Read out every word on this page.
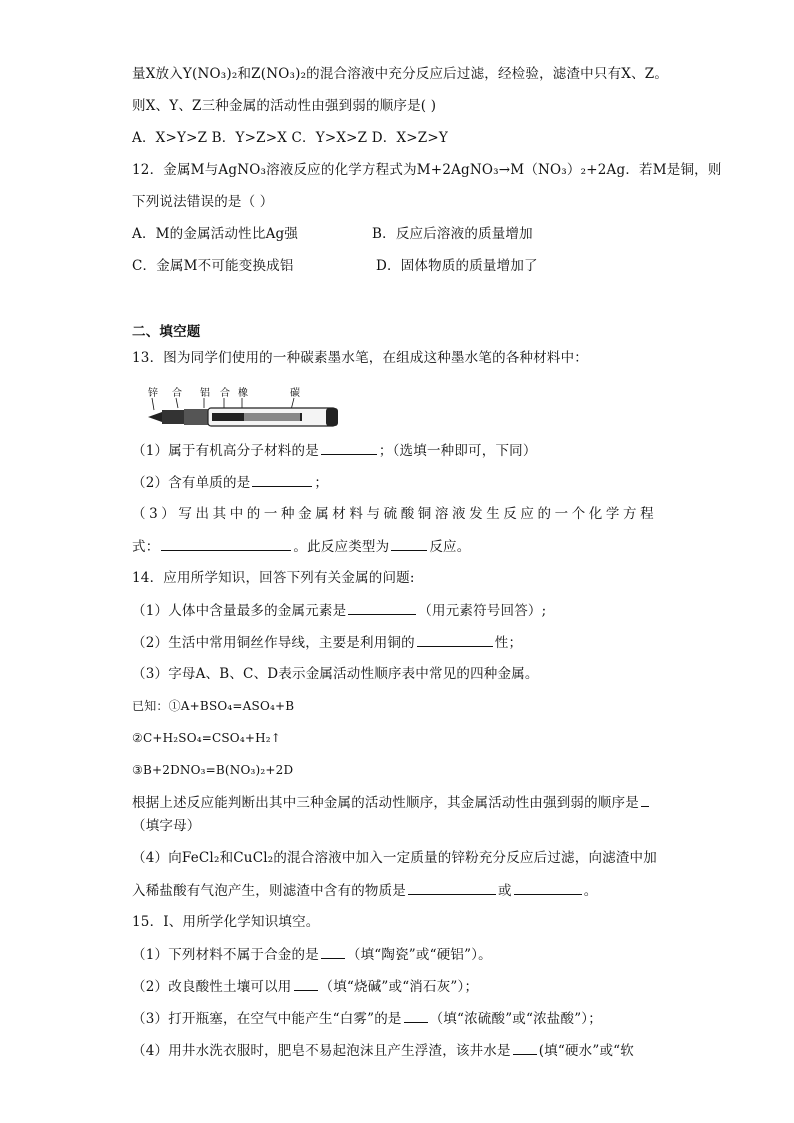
量X放入Y(NO₃)₂和Z(NO₃)₂的混合溶液中充分反应后过滤，经检验，滤渣中只有X、Z。
则X、Y、Z三种金属的活动性由强到弱的顺序是( )
A．X>Y>Z B．Y>Z>X C．Y>X>Z D．X>Z>Y
12．金属M与AgNO₃溶液反应的化学方程式为M+2AgNO₃→M（NO₃）₂+2Ag．若M是铜，则
下列说法错误的是（ ）
A．M的金属活动性比Ag强	B．反应后溶液的质量增加
C．金属M不可能变换成铝	D．固体物质的质量增加了
二、填空题
13．图为同学们使用的一种碳素墨水笔，在组成这种墨水笔的各种材料中：
锌 合 铝 合 橡	碳
（1）属于有机高分子材料的是	；（选填一种即可，下同）
（2）含有单质的是	；
（3）写出其中的一种金属材料与硫酸铜溶液发生反应的一个化学方程
式：	。此反应类型为	反应。
14．应用所学知识，回答下列有关金属的问题:
（1）人体中含量最多的金属元素是	（用元素符号回答）;
（2）生活中常用铜丝作导线，主要是利用铜的	性；
（3）字母A、B、C、D表示金属活动性顺序表中常见的四种金属。
已知：①A+BSO₄=ASO₄+B
②C+H₂SO₄=CSO₄+H₂↑
③B+2DNO₃=B(NO₃)₂+2D
根据上述反应能判断出其中三种金属的活动性顺序，其金属活动性由强到弱的顺序是
（填字母）
（4）向FeCl₂和CuCl₂的混合溶液中加入一定质量的锌粉充分反应后过滤，向滤渣中加
入稀盐酸有气泡产生，则滤渣中含有的物质是	或	。
15．I、用所学化学知识填空。
（1）下列材料不属于合金的是 （填“陶瓷”或“硬铝”）。
（2）改良酸性土壤可以用 （填“烧碱”或“消石灰”）；
（3）打开瓶塞，在空气中能产生“白雾”的是 （填“浓硫酸”或“浓盐酸”）；
（4）用井水洗衣服时，肥皂不易起泡沫且产生浮渣，该井水是 (填“硬水”或“软
